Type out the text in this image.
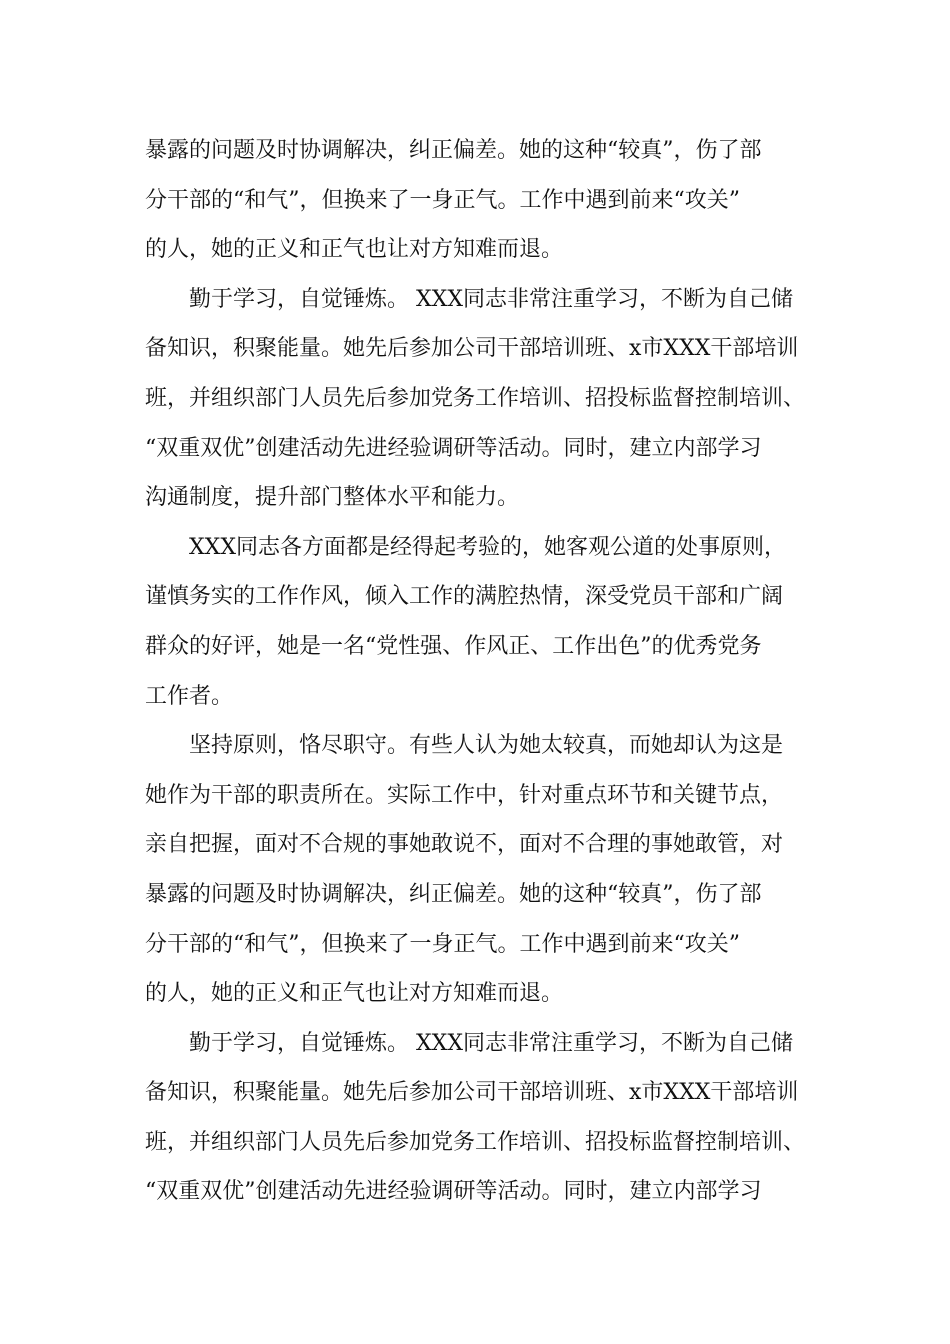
暴露的问题及时协调解决，纠正偏差。她的这种“较真”，伤了部
分干部的“和气”，但换来了一身正气。工作中遇到前来“攻关”
的人，她的正义和正气也让对方知难而退。
　　勤于学习，自觉锤炼。 XXX同志非常注重学习，不断为自己储
备知识，积聚能量。她先后参加公司干部培训班、x市XXX干部培训
班，并组织部门人员先后参加党务工作培训、招投标监督控制培训、
“双重双优”创建活动先进经验调研等活动。同时，建立内部学习
沟通制度，提升部门整体水平和能力。
　　XXX同志各方面都是经得起考验的，她客观公道的处事原则，
谨慎务实的工作作风，倾入工作的满腔热情，深受党员干部和广阔
群众的好评，她是一名“党性强、作风正、工作出色”的优秀党务
工作者。
　　坚持原则，恪尽职守。有些人认为她太较真，而她却认为这是
她作为干部的职责所在。实际工作中，针对重点环节和关键节点，
亲自把握，面对不合规的事她敢说不，面对不合理的事她敢管，对
暴露的问题及时协调解决，纠正偏差。她的这种“较真”，伤了部
分干部的“和气”，但换来了一身正气。工作中遇到前来“攻关”
的人，她的正义和正气也让对方知难而退。
　　勤于学习，自觉锤炼。 XXX同志非常注重学习，不断为自己储
备知识，积聚能量。她先后参加公司干部培训班、x市XXX干部培训
班，并组织部门人员先后参加党务工作培训、招投标监督控制培训、
“双重双优”创建活动先进经验调研等活动。同时，建立内部学习
